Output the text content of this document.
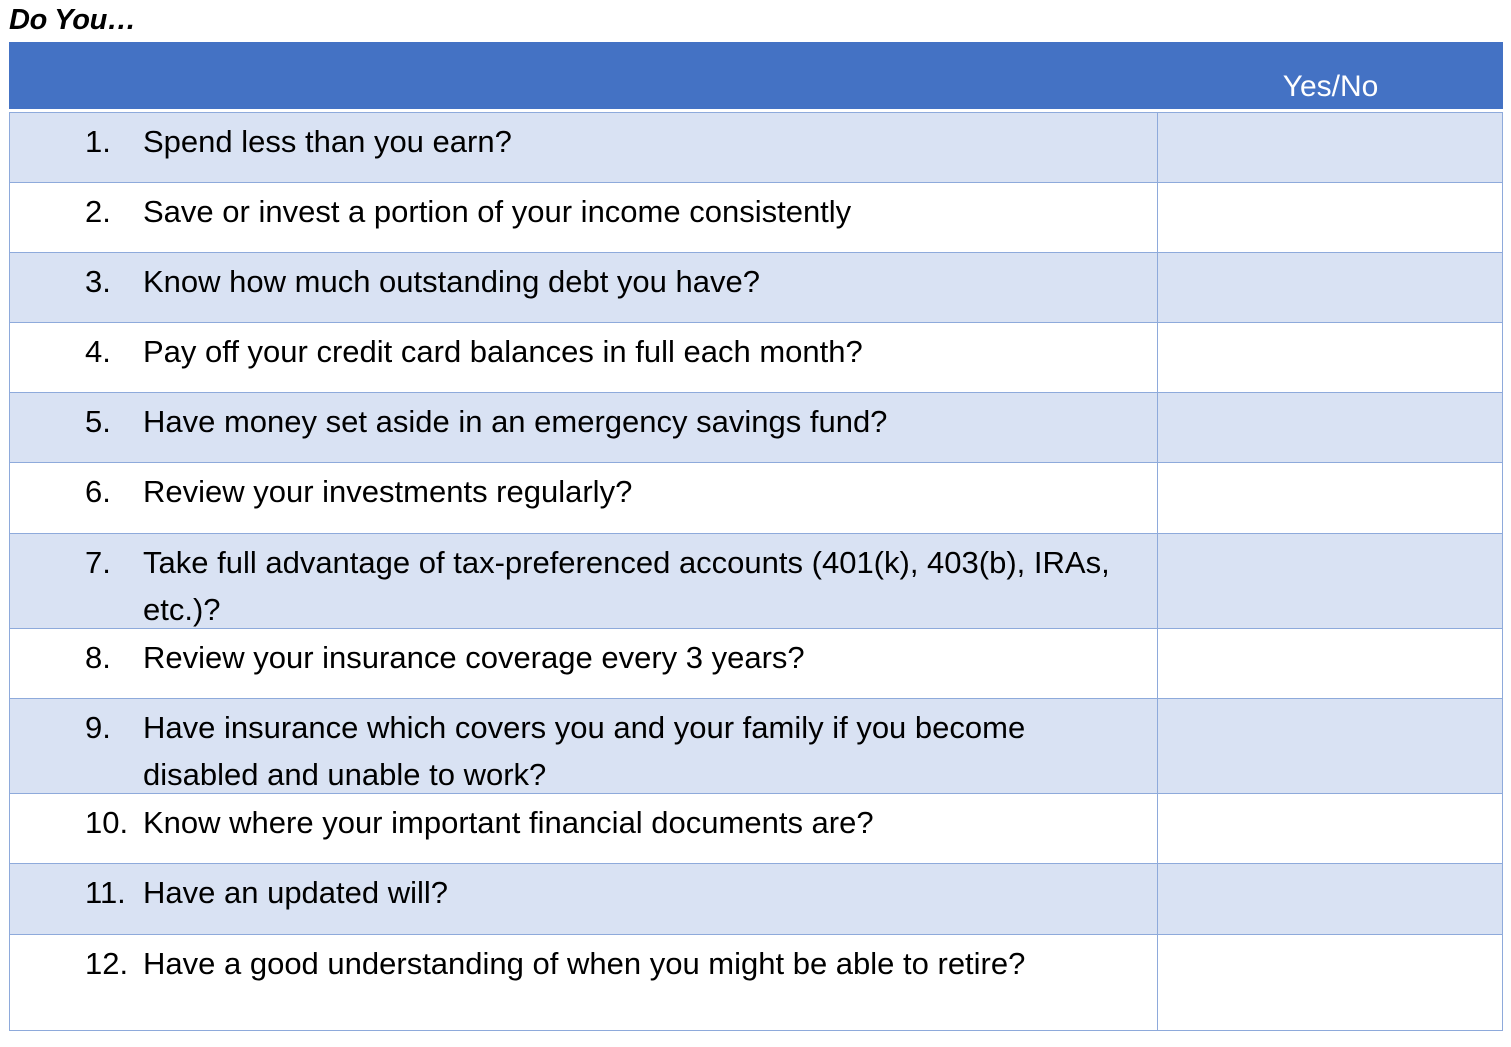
Do You…
Yes/No
1.	Spend less than you earn?
2.	Save or invest a portion of your income consistently
3.	Know how much outstanding debt you have?
4.	Pay off your credit card balances in full each month?
5.	Have money set aside in an emergency savings fund?
6.	Review your investments regularly?
7.	Take full advantage of tax-preferenced accounts (401(k), 403(b), IRAs, etc.)?
8.	Review your insurance coverage every 3 years?
9.	Have insurance which covers you and your family if you become disabled and unable to work?
10. Know where your important financial documents are?
11. Have an updated will?
12. Have a good understanding of when you might be able to retire?
